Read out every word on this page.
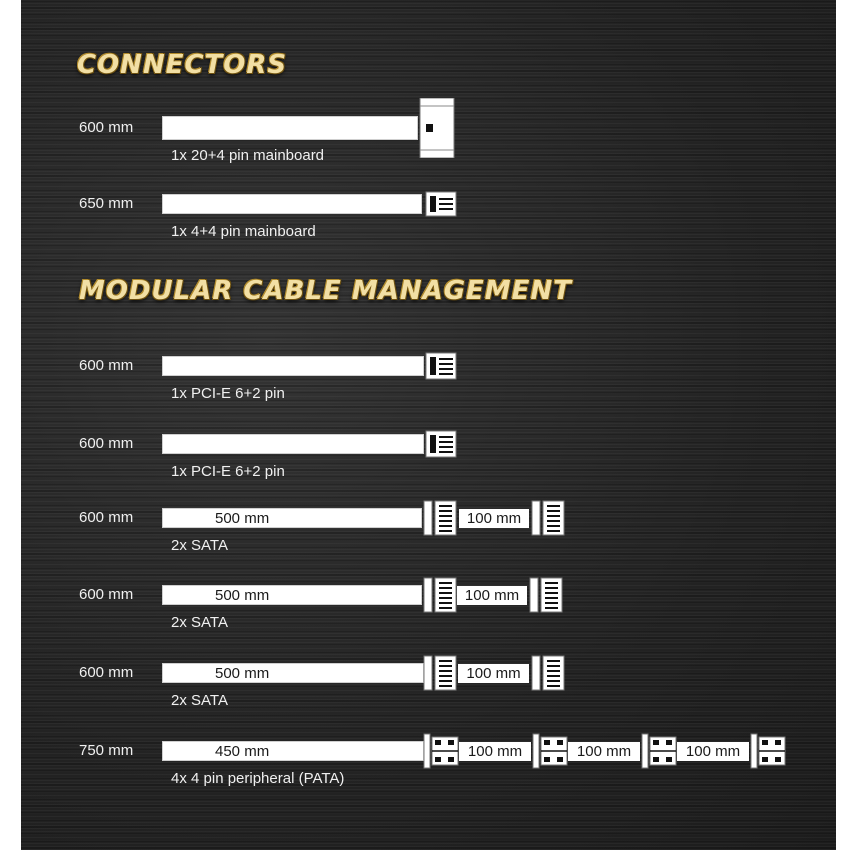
CONNECTORS
MODULAR CABLE MANAGEMENT
600 mm
1x 20+4 pin mainboard
650 mm
1x 4+4 pin mainboard
600 mm
1x PCI-E 6+2 pin
600 mm
1x PCI-E 6+2 pin
600 mm	500 mm	100 mm
2x SATA
600 mm	500 mm	100 mm
2x SATA
600 mm	500 mm	100 mm
2x SATA
750 mm	450 mm	100 mm	100 mm	100 mm
4x 4 pin peripheral (PATA)
